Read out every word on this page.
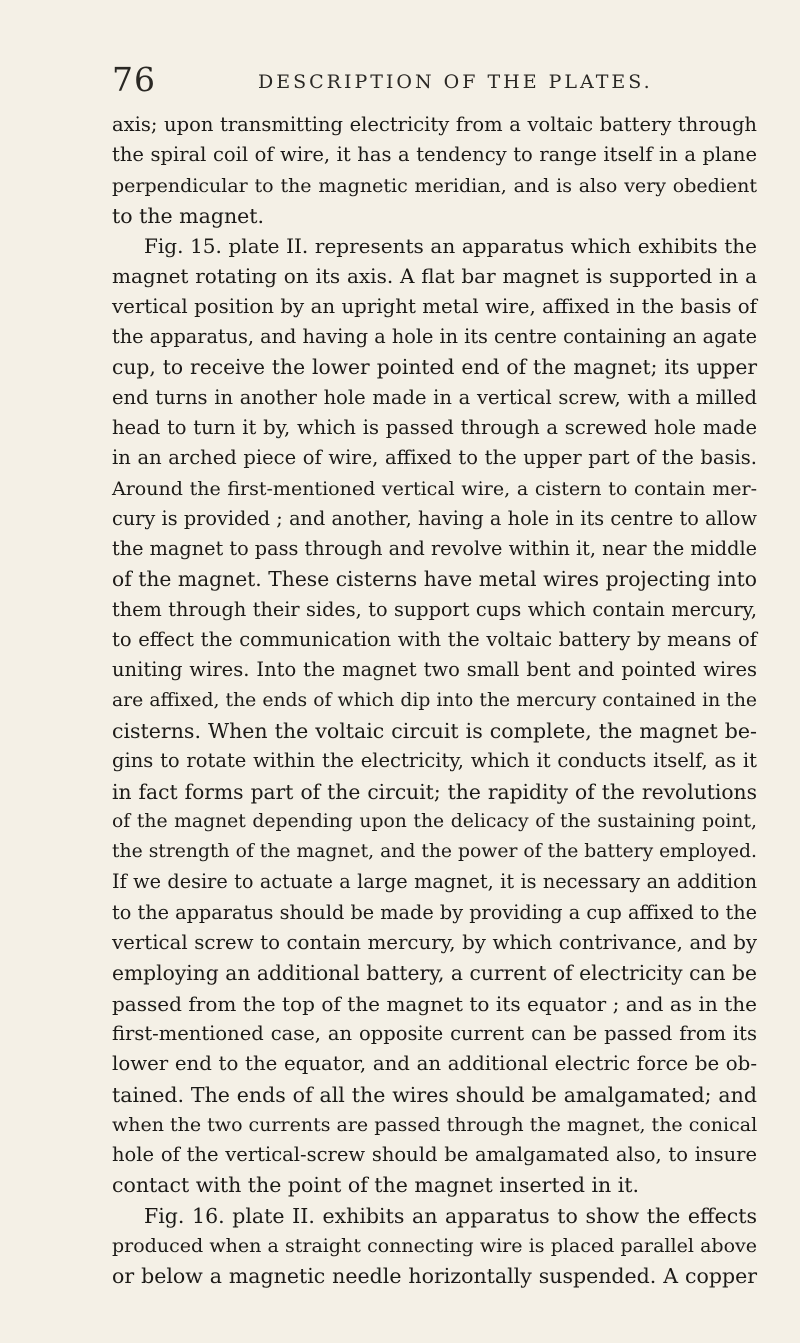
76	DESCRIPTION OF THE PLATES.
axis; upon transmitting electricity from a voltaic battery through
the spiral coil of wire, it has a tendency to range itself in a plane
perpendicular to the magnetic meridian, and is also very obedient
to the magnet.
Fig. 15. plate II. represents an apparatus which exhibits the
magnet rotating on its axis. A flat bar magnet is supported in a
vertical position by an upright metal wire, affixed in the basis of
the apparatus, and having a hole in its centre containing an agate
cup, to receive the lower pointed end of the magnet; its upper
end turns in another hole made in a vertical screw, with a milled
head to turn it by, which is passed through a screwed hole made
in an arched piece of wire, affixed to the upper part of the basis.
Around the first-mentioned vertical wire, a cistern to contain mer-
cury is provided ; and another, having a hole in its centre to allow
the magnet to pass through and revolve within it, near the middle
of the magnet. These cisterns have metal wires projecting into
them through their sides, to support cups which contain mercury,
to effect the communication with the voltaic battery by means of
uniting wires. Into the magnet two small bent and pointed wires
are affixed, the ends of which dip into the mercury contained in the
cisterns. When the voltaic circuit is complete, the magnet be-
gins to rotate within the electricity, which it conducts itself, as it
in fact forms part of the circuit; the rapidity of the revolutions
of the magnet depending upon the delicacy of the sustaining point,
the strength of the magnet, and the power of the battery employed.
If we desire to actuate a large magnet, it is necessary an addition
to the apparatus should be made by providing a cup affixed to the
vertical screw to contain mercury, by which contrivance, and by
employing an additional battery, a current of electricity can be
passed from the top of the magnet to its equator ; and as in the
first-mentioned case, an opposite current can be passed from its
lower end to the equator, and an additional electric force be ob-
tained. The ends of all the wires should be amalgamated; and
when the two currents are passed through the magnet, the conical
hole of the vertical-screw should be amalgamated also, to insure
contact with the point of the magnet inserted in it.
Fig. 16. plate II. exhibits an apparatus to show the effects
produced when a straight connecting wire is placed parallel above
or below a magnetic needle horizontally suspended. A copper
